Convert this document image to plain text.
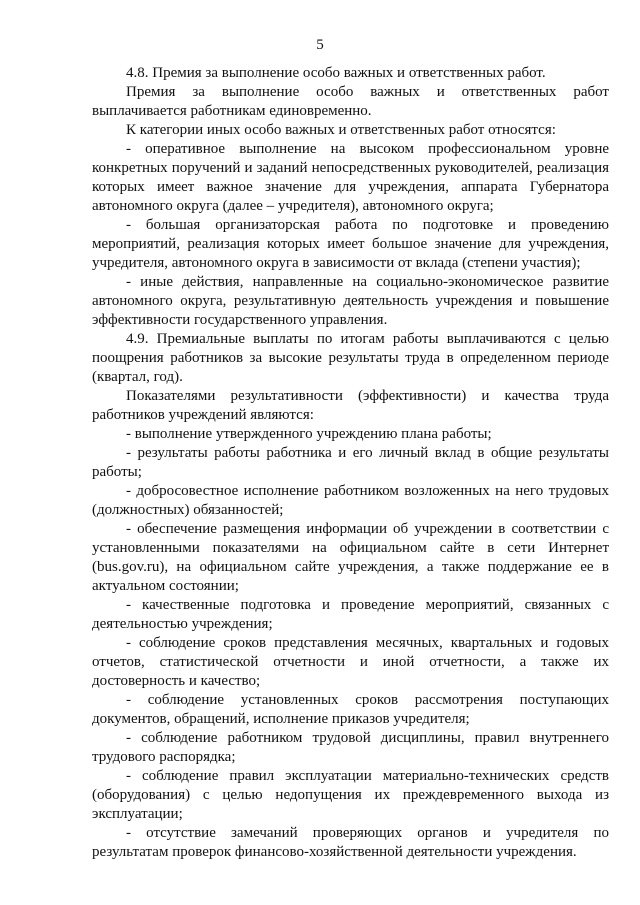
5

4.8. Премия за выполнение особо важных и ответственных работ.

Премия за выполнение особо важных и ответственных работ выплачивается работникам единовременно.

К категории иных особо важных и ответственных работ относятся:

- оперативное выполнение на высоком профессиональном уровне конкретных поручений и заданий непосредственных руководителей, реализация которых имеет важное значение для учреждения, аппарата Губернатора автономного округа (далее – учредителя), автономного округа;

- большая организаторская работа по подготовке и проведению мероприятий, реализация которых имеет большое значение для учреждения, учредителя, автономного округа в зависимости от вклада (степени участия);

- иные действия, направленные на социально-экономическое развитие автономного округа, результативную деятельность учреждения и повышение эффективности государственного управления.

4.9. Премиальные выплаты по итогам работы выплачиваются с целью поощрения работников за высокие результаты труда в определенном периоде (квартал, год).

Показателями результативности (эффективности) и качества труда работников учреждений являются:

- выполнение утвержденного учреждению плана работы;

- результаты работы работника и его личный вклад в общие результаты работы;

- добросовестное исполнение работником возложенных на него трудовых (должностных) обязанностей;

- обеспечение размещения информации об учреждении в соответствии с установленными показателями на официальном сайте в сети Интернет (bus.gov.ru), на официальном сайте учреждения, а также поддержание ее в актуальном состоянии;

- качественные подготовка и проведение мероприятий, связанных с деятельностью учреждения;

- соблюдение сроков представления месячных, квартальных и годовых отчетов, статистической отчетности и иной отчетности, а также их достоверность и качество;

- соблюдение установленных сроков рассмотрения поступающих документов, обращений, исполнение приказов учредителя;

- соблюдение работником трудовой дисциплины, правил внутреннего трудового распорядка;

- соблюдение правил эксплуатации материально-технических средств (оборудования) с целью недопущения их преждевременного выхода из эксплуатации;

- отсутствие замечаний проверяющих органов и учредителя по результатам проверок финансово-хозяйственной деятельности учреждения.
